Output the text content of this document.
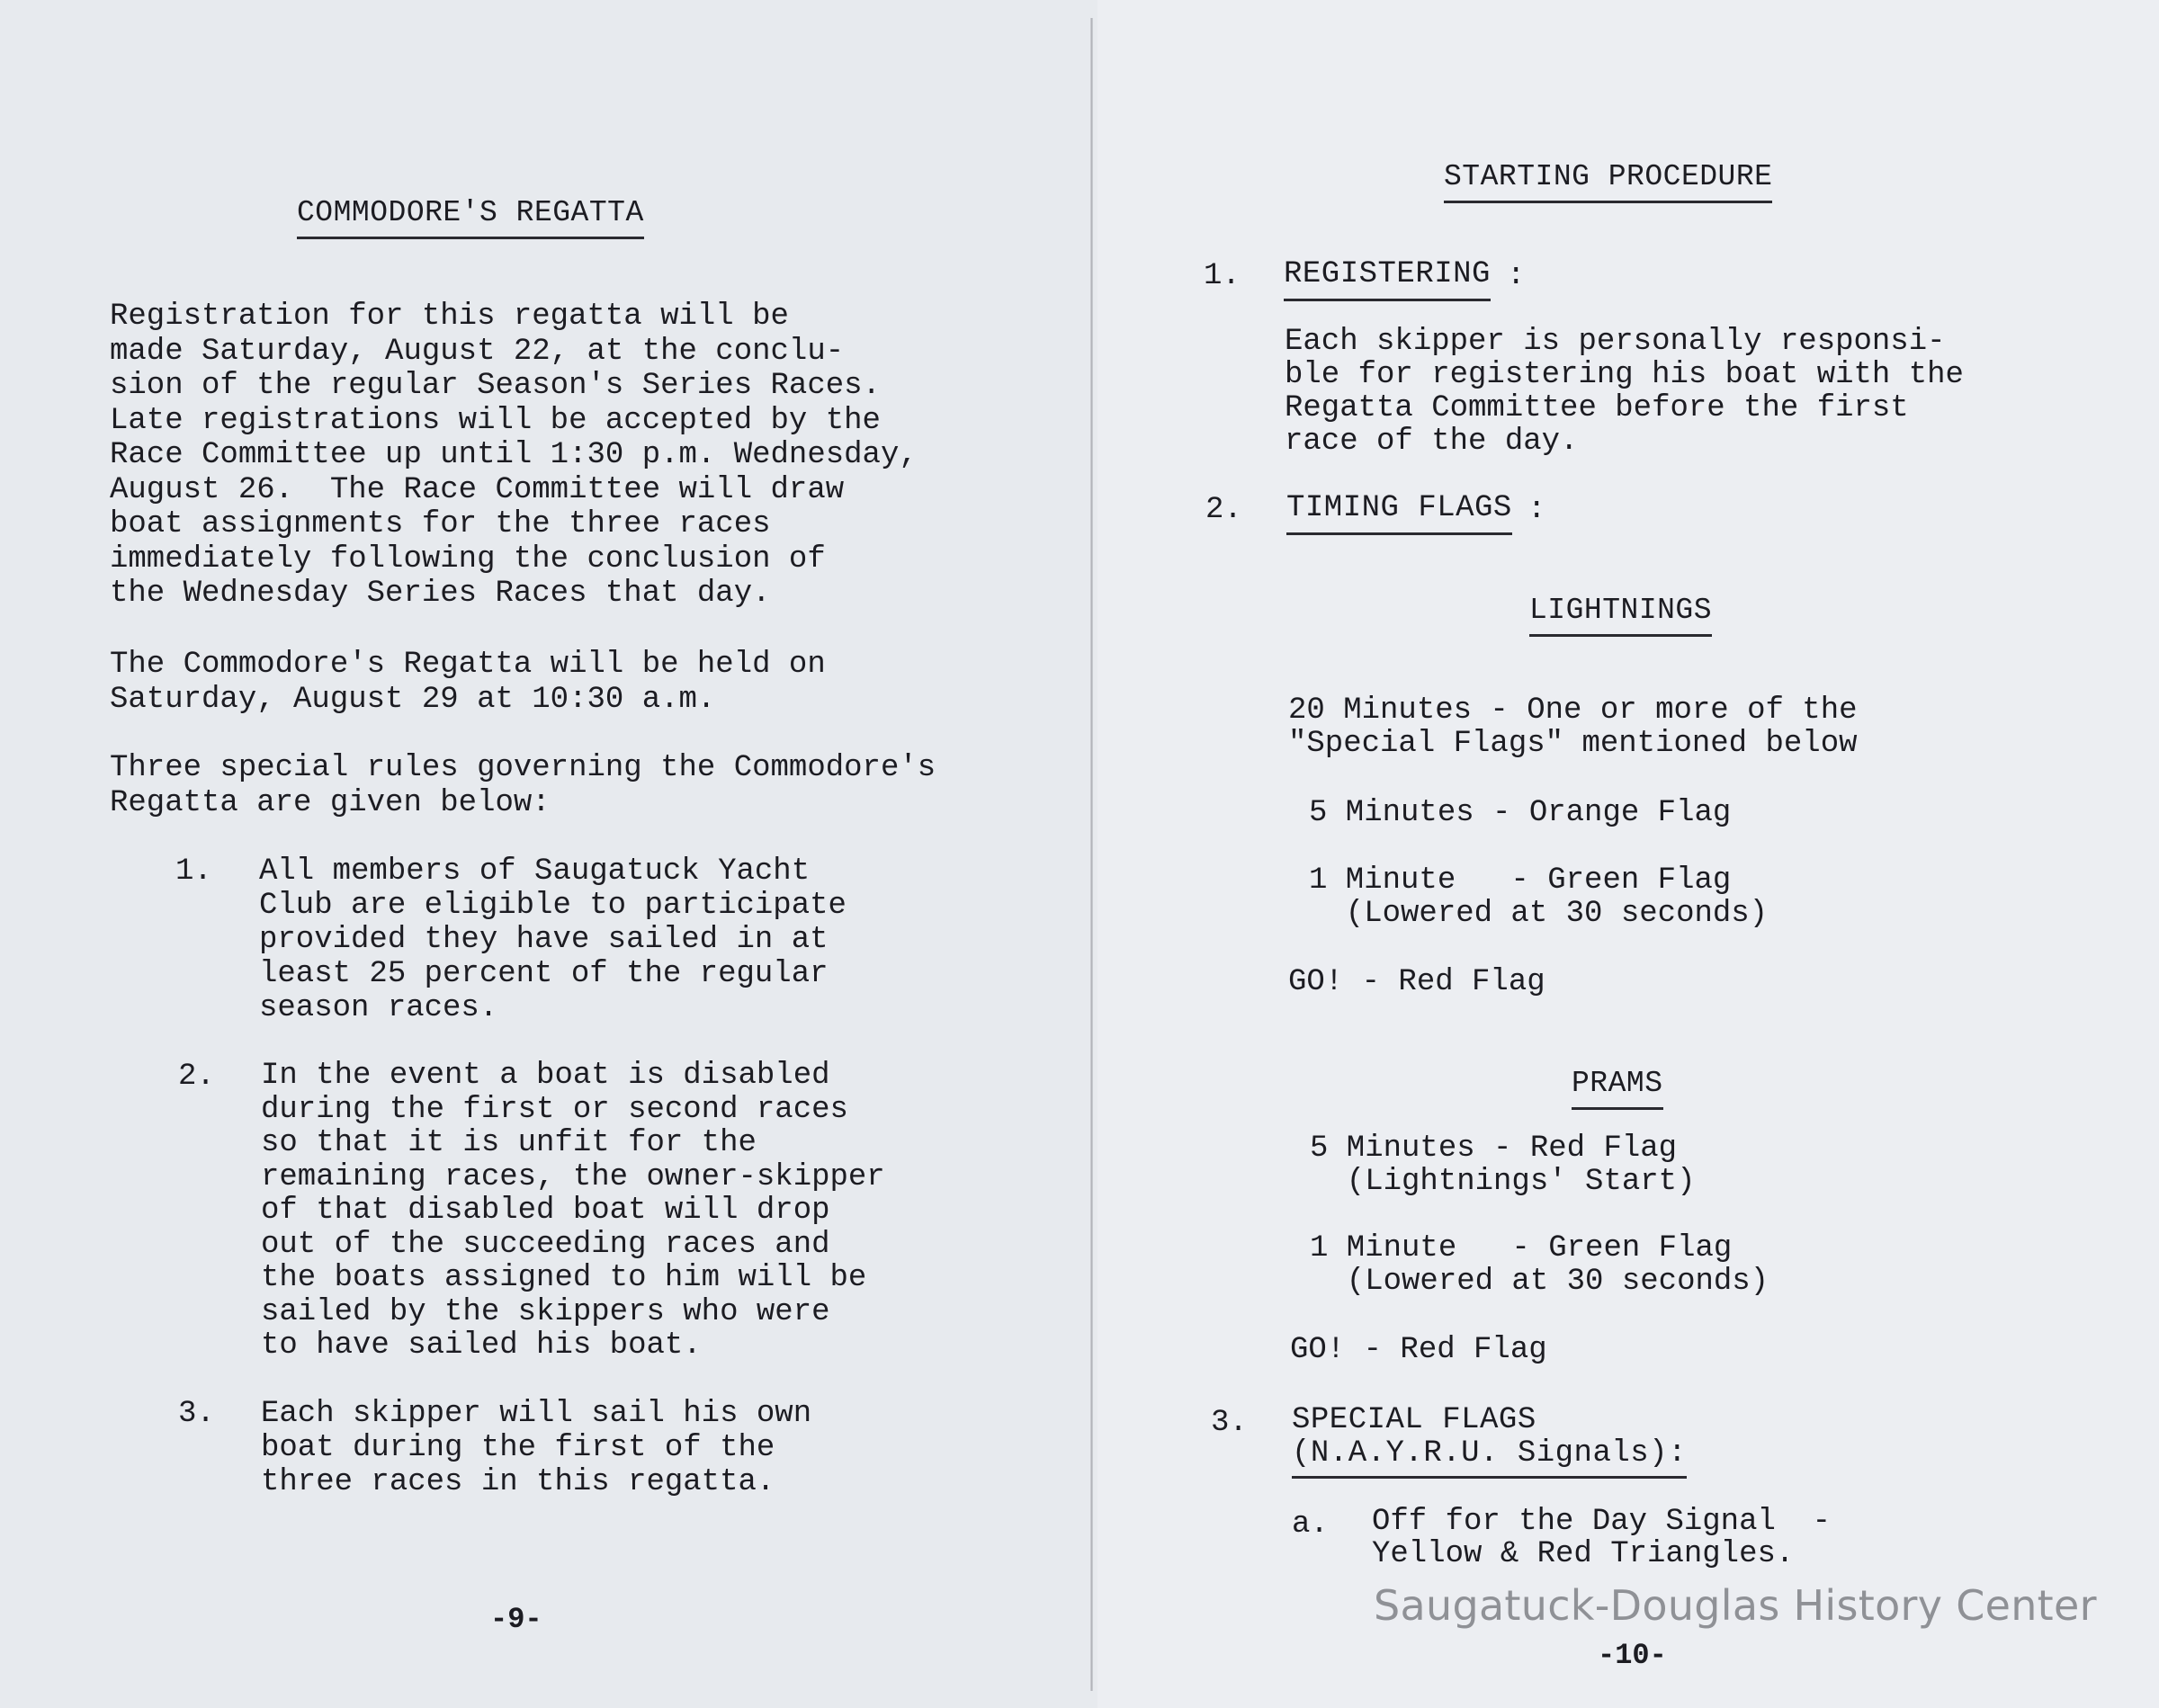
COMMODORE'S REGATTA
Registration for this regatta will be
made Saturday, August 22, at the conclu-
sion of the regular Season's Series Races.
Late registrations will be accepted by the
Race Committee up until 1:30 p.m. Wednesday,
August 26.  The Race Committee will draw
boat assignments for the three races
immediately following the conclusion of
the Wednesday Series Races that day.
The Commodore's Regatta will be held on
Saturday, August 29 at 10:30 a.m.
Three special rules governing the Commodore's
Regatta are given below:
1. All members of Saugatuck Yacht
Club are eligible to participate
provided they have sailed in at
least 25 percent of the regular
season races.
2. In the event a boat is disabled
during the first or second races
so that it is unfit for the
remaining races, the owner-skipper
of that disabled boat will drop
out of the succeeding races and
the boats assigned to him will be
sailed by the skippers who were
to have sailed his boat.
3. Each skipper will sail his own
boat during the first of the
three races in this regatta.
-9-
STARTING PROCEDURE
1. REGISTERING :
Each skipper is personally responsi-
ble for registering his boat with the
Regatta Committee before the first
race of the day.
2. TIMING FLAGS :
LIGHTNINGS
20 Minutes - One or more of the
"Special Flags" mentioned below
5 Minutes - Orange Flag
1 Minute   - Green Flag
(Lowered at 30 seconds)
GO! - Red Flag
PRAMS
5 Minutes - Red Flag
(Lightnings' Start)
1 Minute   - Green Flag
(Lowered at 30 seconds)
GO! - Red Flag
3. SPECIAL FLAGS
(N.A.Y.R.U. Signals):
a. Off for the Day Signal  -
Yellow & Red Triangles.
Saugatuck-Douglas History Center
-10-
